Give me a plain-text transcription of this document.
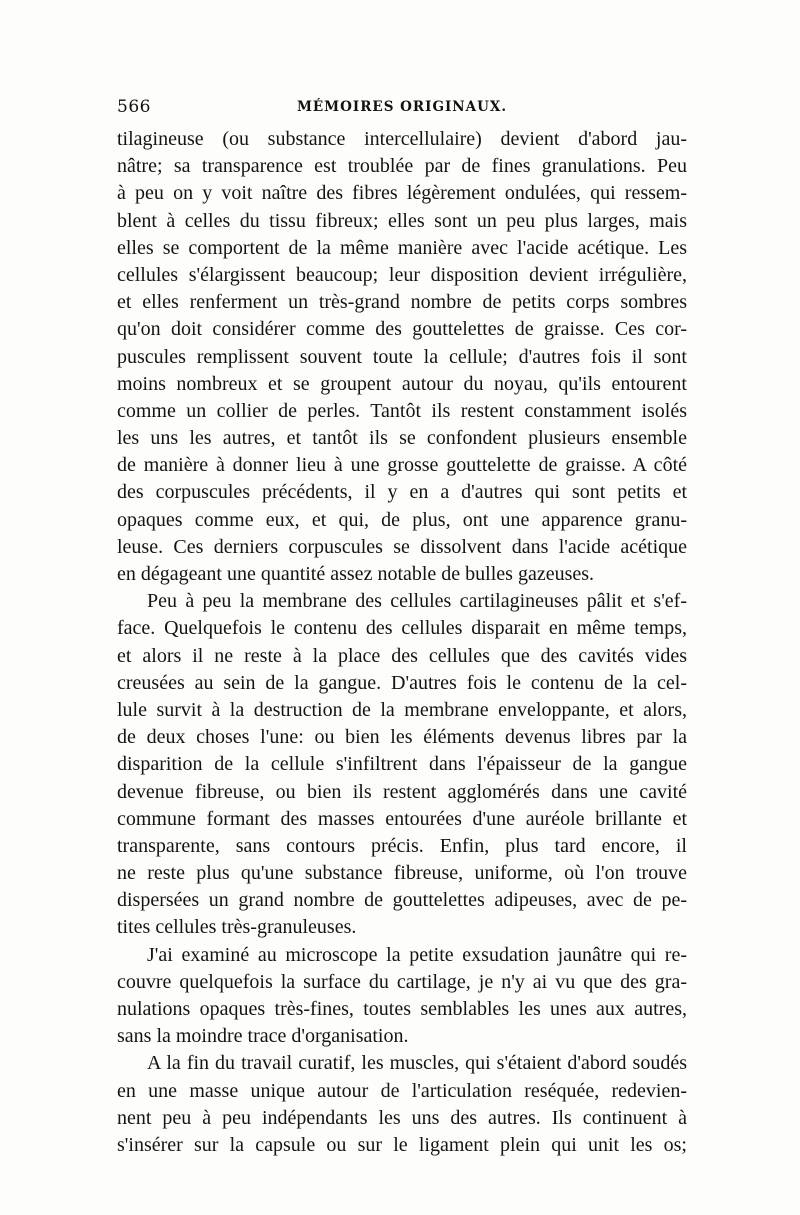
566	MÉMOIRES ORIGINAUX.
tilagineuse (ou substance intercellulaire) devient d'abord jau-
nâtre; sa transparence est troublée par de fines granulations. Peu
à peu on y voit naître des fibres légèrement ondulées, qui ressem-
blent à celles du tissu fibreux; elles sont un peu plus larges, mais
elles se comportent de la même manière avec l'acide acétique. Les
cellules s'élargissent beaucoup; leur disposition devient irrégulière,
et elles renferment un très-grand nombre de petits corps sombres
qu'on doit considérer comme des gouttelettes de graisse. Ces cor-
puscules remplissent souvent toute la cellule; d'autres fois il sont
moins nombreux et se groupent autour du noyau, qu'ils entourent
comme un collier de perles. Tantôt ils restent constamment isolés
les uns les autres, et tantôt ils se confondent plusieurs ensemble
de manière à donner lieu à une grosse gouttelette de graisse. A côté
des corpuscules précédents, il y en a d'autres qui sont petits et
opaques comme eux, et qui, de plus, ont une apparence granu-
leuse. Ces derniers corpuscules se dissolvent dans l'acide acétique
en dégageant une quantité assez notable de bulles gazeuses.
Peu à peu la membrane des cellules cartilagineuses pâlit et s'ef-
face. Quelquefois le contenu des cellules disparait en même temps,
et alors il ne reste à la place des cellules que des cavités vides
creusées au sein de la gangue. D'autres fois le contenu de la cel-
lule survit à la destruction de la membrane enveloppante, et alors,
de deux choses l'une: ou bien les éléments devenus libres par la
disparition de la cellule s'infiltrent dans l'épaisseur de la gangue
devenue fibreuse, ou bien ils restent agglomérés dans une cavité
commune formant des masses entourées d'une auréole brillante et
transparente, sans contours précis. Enfin, plus tard encore, il
ne reste plus qu'une substance fibreuse, uniforme, où l'on trouve
dispersées un grand nombre de gouttelettes adipeuses, avec de pe-
tites cellules très-granuleuses.
J'ai examiné au microscope la petite exsudation jaunâtre qui re-
couvre quelquefois la surface du cartilage, je n'y ai vu que des gra-
nulations opaques très-fines, toutes semblables les unes aux autres,
sans la moindre trace d'organisation.
A la fin du travail curatif, les muscles, qui s'étaient d'abord soudés
en une masse unique autour de l'articulation reséquée, redevien-
nent peu à peu indépendants les uns des autres. Ils continuent à
s'insérer sur la capsule ou sur le ligament plein qui unit les os;
